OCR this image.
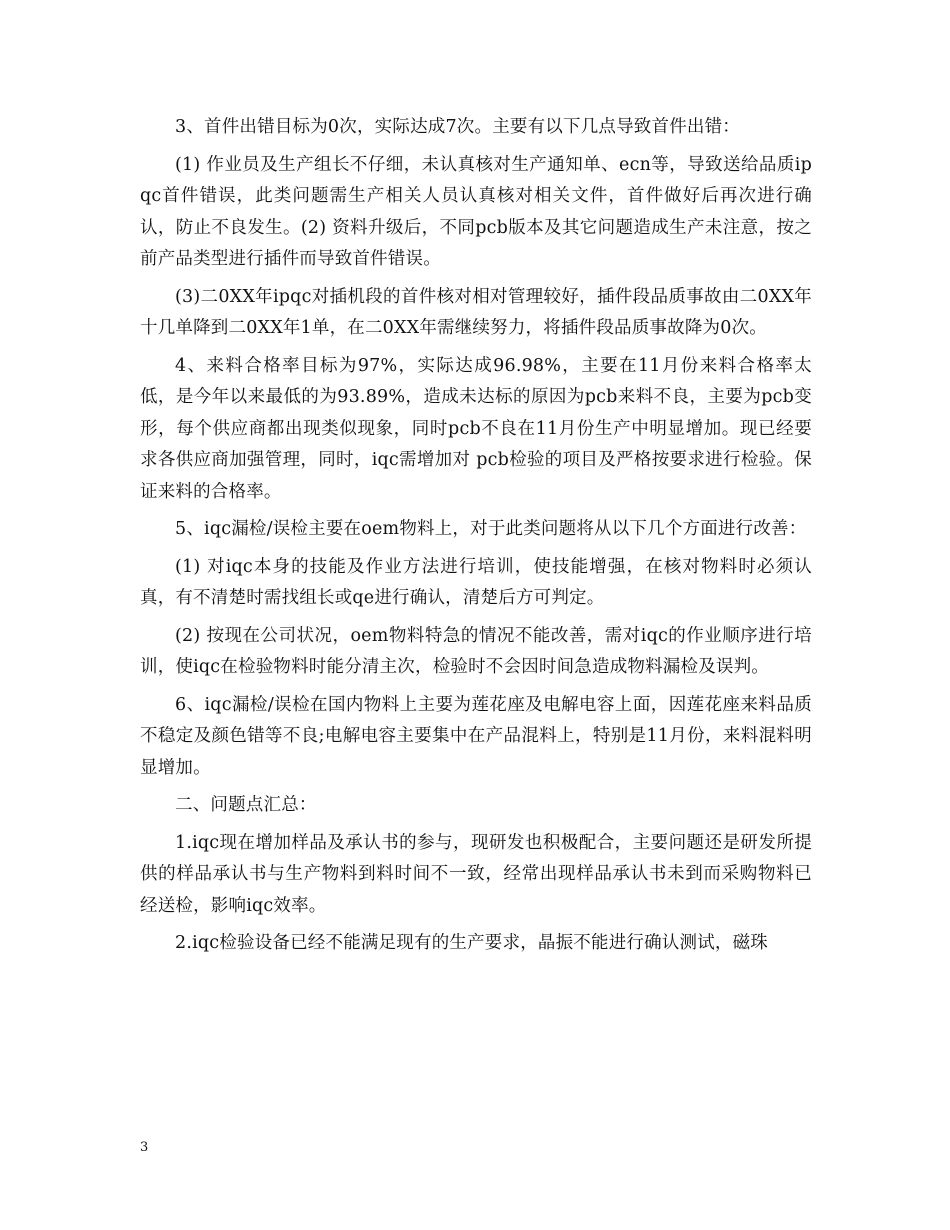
3、首件出错目标为0次，实际达成7次。主要有以下几点导致首件出错：

(1) 作业员及生产组长不仔细，未认真核对生产通知单、ecn等，导致送给品质ipqc首件错误，此类问题需生产相关人员认真核对相关文件，首件做好后再次进行确认，防止不良发生。(2) 资料升级后，不同pcb版本及其它问题造成生产未注意，按之前产品类型进行插件而导致首件错误。

(3)二0XX年ipqc对插机段的首件核对相对管理较好，插件段品质事故由二0XX年十几单降到二0XX年1单，在二0XX年需继续努力，将插件段品质事故降为0次。

4、来料合格率目标为97%，实际达成96.98%，主要在11月份来料合格率太低，是今年以来最低的为93.89%，造成未达标的原因为pcb来料不良，主要为pcb变形，每个供应商都出现类似现象，同时pcb不良在11月份生产中明显增加。现已经要求各供应商加强管理，同时，iqc需增加对 pcb检验的项目及严格按要求进行检验。保证来料的合格率。

5、iqc漏检/误检主要在oem物料上，对于此类问题将从以下几个方面进行改善：

(1) 对iqc本身的技能及作业方法进行培训，使技能增强，在核对物料时必须认真，有不清楚时需找组长或qe进行确认，清楚后方可判定。

(2) 按现在公司状况，oem物料特急的情况不能改善，需对iqc的作业顺序进行培训，使iqc在检验物料时能分清主次，检验时不会因时间急造成物料漏检及误判。

6、iqc漏检/误检在国内物料上主要为莲花座及电解电容上面，因莲花座来料品质不稳定及颜色错等不良;电解电容主要集中在产品混料上，特别是11月份，来料混料明显增加。

二、问题点汇总：

1.iqc现在增加样品及承认书的参与，现研发也积极配合，主要问题还是研发所提供的样品承认书与生产物料到料时间不一致，经常出现样品承认书未到而采购物料已经送检，影响iqc效率。

2.iqc检验设备已经不能满足现有的生产要求，晶振不能进行确认测试，磁珠

3
